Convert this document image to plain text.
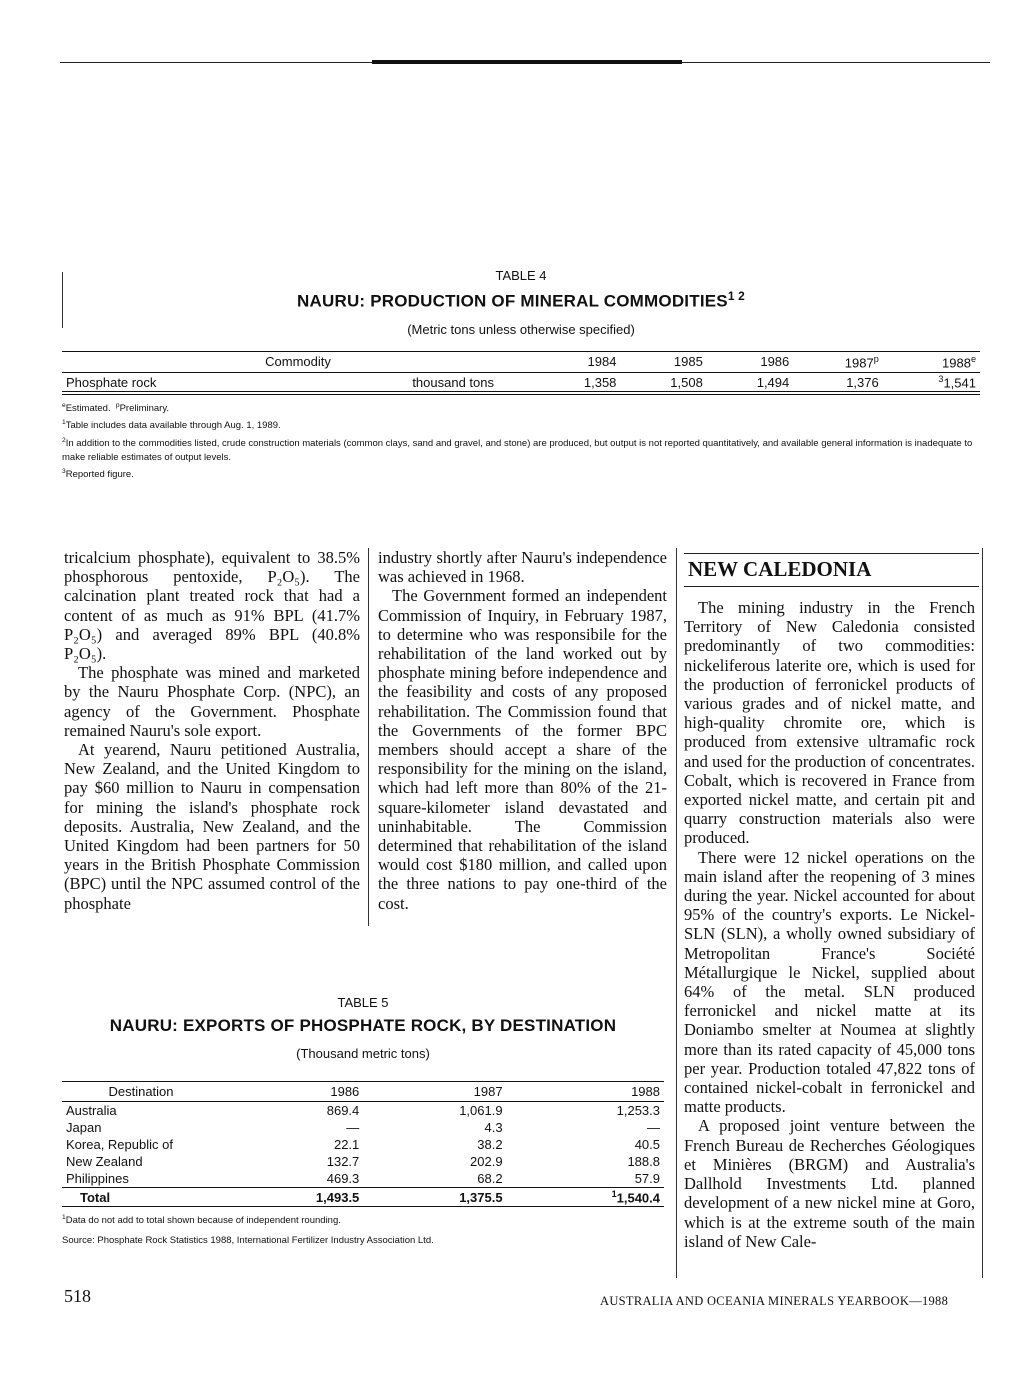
TABLE 4
NAURU: PRODUCTION OF MINERAL $COMMODITIES^{1 2}$
(Metric tons unless otherwise specified)
Commodity		1984	1985	1986	1987$^p$	1988e
Phosphate rock	thousand tons	1,358	1,508	1,494	1,376	$^3$1,541
$^e$Estimated. $^p$Preliminary.
$^1$Table includes data available through Aug. 1, 1989.
$^2$In addition to the commodities listed, crude construction materials (common clays, sand and gravel, and stone) are produced, but output is not reported quantitatively, and available general information is inadequate to make reliable estimates of output levels.
$^3$Reported figure.

tricalcium phosphate), equivalent to 38.5% phosphorous pentoxide, P₂O₅). The calcination plant treated rock that had a content of as much as 91% BPL (41.7% P₂O₅) and averaged 89% BPL (40.8% P₂O₅).

The phosphate was mined and marketed by the Nauru Phosphate Corp. (NPC), an agency of the Government. Phosphate remained Nauru's sole export.

At yearend, Nauru petitioned Australia, New Zealand, and the United Kingdom to pay $60 million to Nauru in compensation for mining the island's phosphate rock deposits. Australia, New Zealand, and the United Kingdom had been partners for 50 years in the British Phosphate Commission (BPC) until the NPC assumed control of the phosphate

industry shortly after Nauru's independence was achieved in 1968.

The Government formed an independent Commission of Inquiry, in February 1987, to determine who was responsibile for the rehabilitation of the land worked out by phosphate mining before independence and the feasibility and costs of any proposed rehabilitation. The Commission found that the Governments of the former BPC members should accept a share of the responsibility for the mining on the island, which had left more than 80% of the 21-square-kilometer island devastated and uninhabitable. The Commission determined that rehabilitation of the island would cost $180 million, and called upon the three nations to pay one-third of the cost.

NEW CALEDONIA

The mining industry in the French Territory of New Caledonia consisted predominantly of two commodities: nickeliferous laterite ore, which is used for the production of ferronickel products of various grades and of nickel matte, and high-quality chromite ore, which is produced from extensive ultramafic rock and used for the production of concentrates. Cobalt, which is recovered in France from exported nickel matte, and certain pit and quarry construction materials also were produced.

There were 12 nickel operations on the main island after the reopening of 3 mines during the year. Nickel accounted for about 95% of the country's exports. Le Nickel-SLN (SLN), a wholly owned subsidiary of Metropolitan France's Société Métallurgique le Nickel, supplied about 64% of the metal. SLN produced ferronickel and nickel matte at its Doniambo smelter at Noumea at slightly more than its rated capacity of 45,000 tons per year. Production totaled 47,822 tons of contained nickel-cobalt in ferronickel and matte products.

A proposed joint venture between the French Bureau de Recherches Géologiques et Minières (BRGM) and Australia's Dallhold Investments Ltd. planned development of a new nickel mine at Goro, which is at the extreme south of the main island of New Cale-

TABLE 5
NAURU: EXPORTS OF PHOSPHATE ROCK, BY DESTINATION
(Thousand metric tons)
Destination	1986	1987	1988
Australia	869.4	1,061.9	1,253.3
Japan	—	4.3	—
Korea, Republic of	22.1	38.2	40.5
New Zealand	132.7	202.9	188.8
Philippines	469.3	68.2	57.9
Total	1,493.5	1,375.5	$^1$1,540.4
$^1$Data do not add to total shown because of independent rounding.
Source: Phosphate Rock Statistics 1988, International Fertilizer Industry Association Ltd.
518	AUSTRALIA AND OCEANIA MINERALS YEARBOOK—1988
